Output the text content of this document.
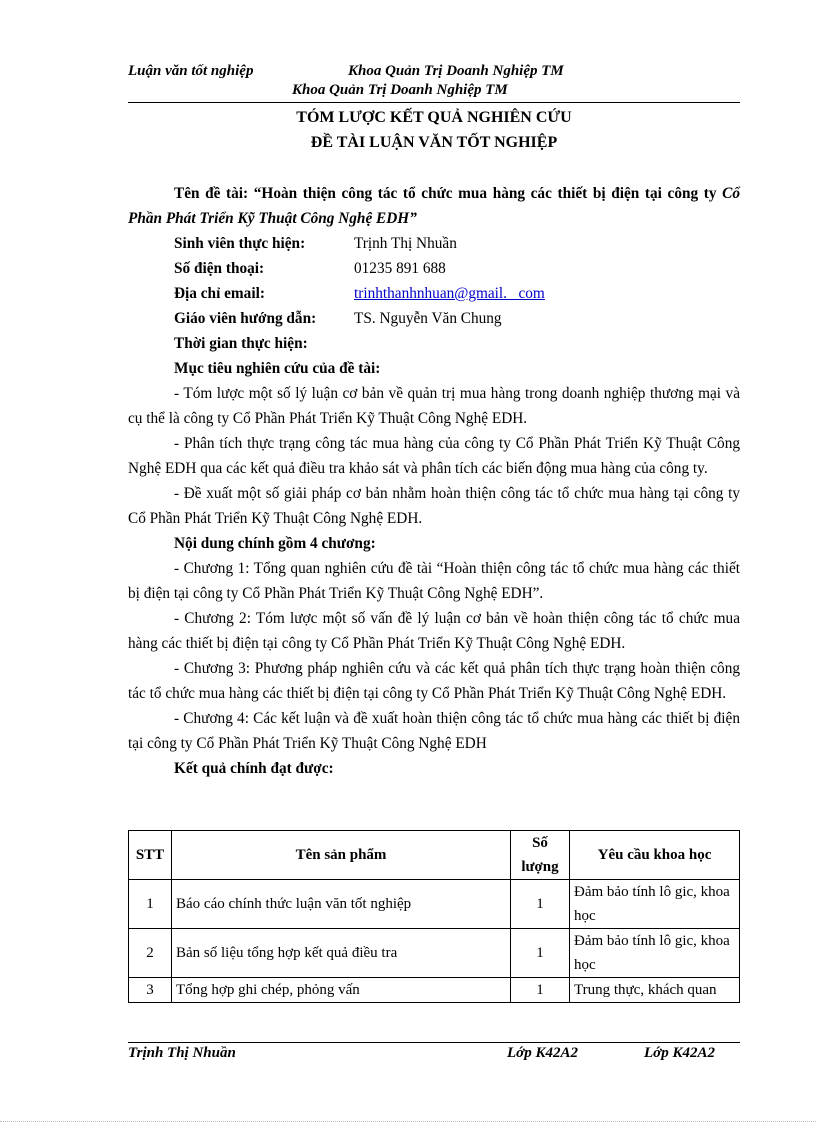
Luận văn tốt nghiệp	Khoa Quản Trị Doanh Nghiệp TM
Khoa Quản Trị Doanh Nghiệp TM
TÓM LƯỢC KẾT QUẢ NGHIÊN CỨU
ĐỀ TÀI LUẬN VĂN TỐT NGHIỆP

Tên đề tài: “Hoàn thiện công tác tổ chức mua hàng các thiết bị điện tại công ty Cổ Phần Phát Triển Kỹ Thuật Công Nghệ EDH”

Sinh viên thực hiện:	Trịnh Thị Nhuần
Số điện thoại:	01235 891 688
Địa chỉ email:	trinhthanhnhuan@gmail.   com
Giáo viên hướng dẫn:	TS. Nguyễn Văn Chung
Thời gian thực hiện:

Mục tiêu nghiên cứu của đề tài:

- Tóm lược một số lý luận cơ bản về quản trị mua hàng trong doanh nghiệp thương mại và cụ thể là công ty Cổ Phần Phát Triển Kỹ Thuật Công Nghệ EDH.

- Phân tích thực trạng công tác mua hàng của công ty Cổ Phần Phát Triển Kỹ Thuật Công Nghệ EDH qua các kết quả điều tra khảo sát và phân tích các biến động mua hàng của công ty.

- Đề xuất một số giải pháp cơ bản nhằm hoàn thiện công tác tổ chức mua hàng tại công ty Cổ Phần Phát Triển Kỹ Thuật Công Nghệ EDH.

Nội dung chính gồm 4 chương:

- Chương 1: Tổng quan nghiên cứu đề tài “Hoàn thiện công tác tổ chức mua hàng các thiết bị điện tại công ty Cổ Phần Phát Triển Kỹ Thuật Công Nghệ EDH”.

- Chương 2: Tóm lược một số vấn đề lý luận cơ bản về hoàn thiện công tác tổ chức mua hàng các thiết bị điện tại công ty Cổ Phần Phát Triển Kỹ Thuật Công Nghệ EDH.

- Chương 3: Phương pháp nghiên cứu và các kết quả phân tích thực trạng hoàn thiện công tác tổ chức mua hàng các thiết bị điện tại công ty Cổ Phần Phát Triển Kỹ Thuật Công Nghệ EDH.

- Chương 4: Các kết luận và đề xuất hoàn thiện công tác tổ chức mua hàng các thiết bị điện tại công ty Cổ Phần Phát Triển Kỹ Thuật Công Nghệ EDH

Kết quả chính đạt được:

STT	Tên sản phẩm	Số lượng	Yêu cầu khoa học
1	Báo cáo chính thức luận văn tốt nghiệp	1	Đảm bảo tính lô gic, khoa học
2	Bản số liệu tổng hợp kết quả điều tra	1	Đảm bảo tính lô gic, khoa học
3	Tổng hợp ghi chép, phỏng vấn	1	Trung thực, khách quan
Trịnh Thị Nhuần	Lớp K42A2	Lớp K42A2
